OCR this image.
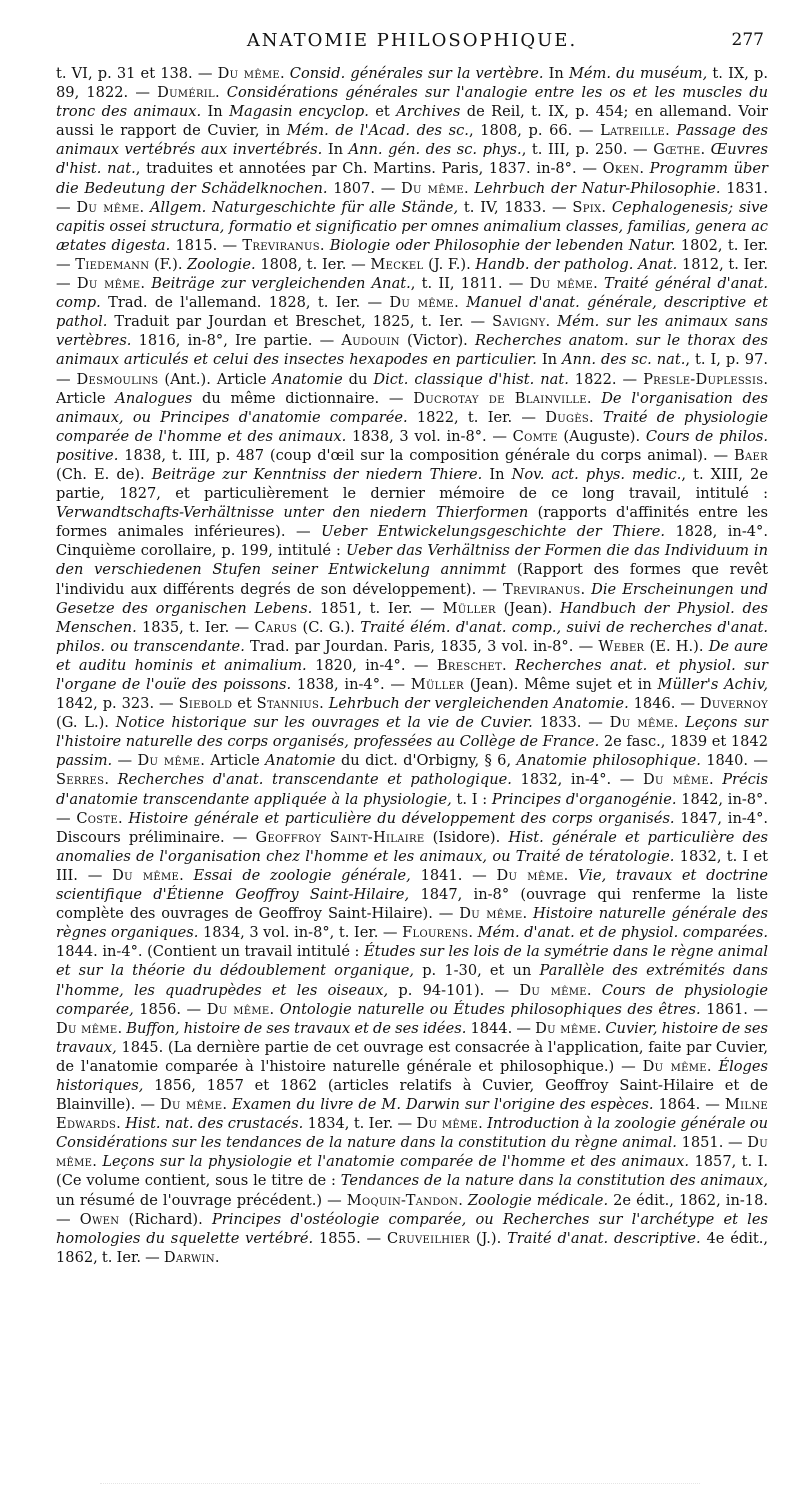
ANATOMIE PHILOSOPHIQUE.	277

t. VI, p. 31 et 138. — Du même. Consid. générales sur la vertèbre. In Mém. du muséum, t. IX, p. 89, 1822. — Duméril. Considérations générales sur l'analogie entre les os et les muscles du tronc des animaux. In Magasin encyclop. et Archives de Reil, t. IX, p. 454; en allemand. Voir aussi le rapport de Cuvier, in Mém. de l'Acad. des sc., 1808, p. 66. — Latreille. Passage des animaux vertébrés aux invertébrés. In Ann. gén. des sc. phys., t. III, p. 250. — Gœthe. Œuvres d'hist. nat., traduites et annotées par Ch. Martins. Paris, 1837. in-8°. — Oken. Programm über die Bedeutung der Schädelknochen. 1807. — Du même. Lehrbuch der Natur-Philosophie. 1831. — Du même. Allgem. Naturgeschichte für alle Stände, t. IV, 1833. — Spix. Cephalogenesis; sive capitis ossei structura, formatio et significatio per omnes animalium classes, familias, genera ac ætates digesta. 1815. — Treviranus. Biologie oder Philosophie der lebenden Natur. 1802, t. Ier. — Tiedemann (F.). Zoologie. 1808, t. Ier. — Meckel (J. F.). Handb. der patholog. Anat. 1812, t. Ier. — Du même. Beiträge zur vergleichenden Anat., t. II, 1811. — Du même. Traité général d'anat. comp. Trad. de l'allemand. 1828, t. Ier. — Du même. Manuel d'anat. générale, descriptive et pathol. Traduit par Jourdan et Breschet, 1825, t. Ier. — Savigny. Mém. sur les animaux sans vertèbres. 1816, in-8°, Ire partie. — Audouin (Victor). Recherches anatom. sur le thorax des animaux articulés et celui des insectes hexapodes en particulier. In Ann. des sc. nat., t. I, p. 97. — Desmoulins (Ant.). Article Anatomie du Dict. classique d'hist. nat. 1822. — Presle-Duplessis. Article Analogues du même dictionnaire. — Ducrotay de Blainville. De l'organisation des animaux, ou Principes d'anatomie comparée. 1822, t. Ier. — Dugès. Traité de physiologie comparée de l'homme et des animaux. 1838, 3 vol. in-8°. — Comte (Auguste). Cours de philos. positive. 1838, t. III, p. 487 (coup d'œil sur la composition générale du corps animal). — Baer (Ch. E. de). Beiträge zur Kenntniss der niedern Thiere. In Nov. act. phys. medic., t. XIII, 2e partie, 1827, et particulièrement le dernier mémoire de ce long travail, intitulé : Verwandtschafts-Verhältnisse unter den niedern Thierformen (rapports d'affinités entre les formes animales inférieures). — Ueber Entwickelungsgeschichte der Thiere. 1828, in-4°. Cinquième corollaire, p. 199, intitulé : Ueber das Verhältniss der Formen die das Individuum in den verschiedenen Stufen seiner Entwickelung annimmt (Rapport des formes que revêt l'individu aux différents degrés de son développement). — Treviranus. Die Erscheinungen und Gesetze des organischen Lebens. 1851, t. Ier. — Müller (Jean). Handbuch der Physiol. des Menschen. 1835, t. Ier. — Carus (C. G.). Traité élém. d'anat. comp., suivi de recherches d'anat. philos. ou transcendante. Trad. par Jourdan. Paris, 1835, 3 vol. in-8°. — Weber (E. H.). De aure et auditu hominis et animalium. 1820, in-4°. — Breschet. Recherches anat. et physiol. sur l'organe de l'ouïe des poissons. 1838, in-4°. — Müller (Jean). Même sujet et in Müller's Achiv, 1842, p. 323. — Siebold et Stannius. Lehrbuch der vergleichenden Anatomie. 1846. — Duvernoy (G. L.). Notice historique sur les ouvrages et la vie de Cuvier. 1833. — Du même. Leçons sur l'histoire naturelle des corps organisés, professées au Collège de France. 2e fasc., 1839 et 1842 passim. — Du même. Article Anatomie du dict. d'Orbigny, § 6, Anatomie philosophique. 1840. — Serres. Recherches d'anat. transcendante et pathologique. 1832, in-4°. — Du même. Précis d'anatomie transcendante appliquée à la physiologie, t. I : Principes d'organogénie. 1842, in-8°. — Coste. Histoire générale et particulière du développement des corps organisés. 1847, in-4°. Discours préliminaire. — Geoffroy Saint-Hilaire (Isidore). Hist. générale et particulière des anomalies de l'organisation chez l'homme et les animaux, ou Traité de tératologie. 1832, t. I et III. — Du même. Essai de zoologie générale, 1841. — Du même. Vie, travaux et doctrine scientifique d'Étienne Geoffroy Saint-Hilaire, 1847, in-8° (ouvrage qui renferme la liste complète des ouvrages de Geoffroy Saint-Hilaire). — Du même. Histoire naturelle générale des règnes organiques. 1834, 3 vol. in-8°, t. Ier. — Flourens. Mém. d'anat. et de physiol. comparées. 1844. in-4°. (Contient un travail intitulé : Études sur les lois de la symétrie dans le règne animal et sur la théorie du dédoublement organique, p. 1-30, et un Parallèle des extrémités dans l'homme, les quadrupèdes et les oiseaux, p. 94-101). — Du même. Cours de physiologie comparée, 1856. — Du même. Ontologie naturelle ou Études philosophiques des êtres. 1861. — Du même. Buffon, histoire de ses travaux et de ses idées. 1844. — Du même. Cuvier, histoire de ses travaux, 1845. (La dernière partie de cet ouvrage est consacrée à l'application, faite par Cuvier, de l'anatomie comparée à l'histoire naturelle générale et philosophique.) — Du même. Éloges historiques, 1856, 1857 et 1862 (articles relatifs à Cuvier, Geoffroy Saint-Hilaire et de Blainville). — Du même. Examen du livre de M. Darwin sur l'origine des espèces. 1864. — Milne Edwards. Hist. nat. des crustacés. 1834, t. Ier. — Du même. Introduction à la zoologie générale ou Considérations sur les tendances de la nature dans la constitution du règne animal. 1851. — Du même. Leçons sur la physiologie et l'anatomie comparée de l'homme et des animaux. 1857, t. I. (Ce volume contient, sous le titre de : Tendances de la nature dans la constitution des animaux, un résumé de l'ouvrage précédent.) — Moquin-Tandon. Zoologie médicale. 2e édit., 1862, in-18. — Owen (Richard). Principes d'ostéologie comparée, ou Recherches sur l'archétype et les homologies du squelette vertébré. 1855. — Cruveilhier (J.). Traité d'anat. descriptive. 4e édit., 1862, t. Ier. — Darwin.
